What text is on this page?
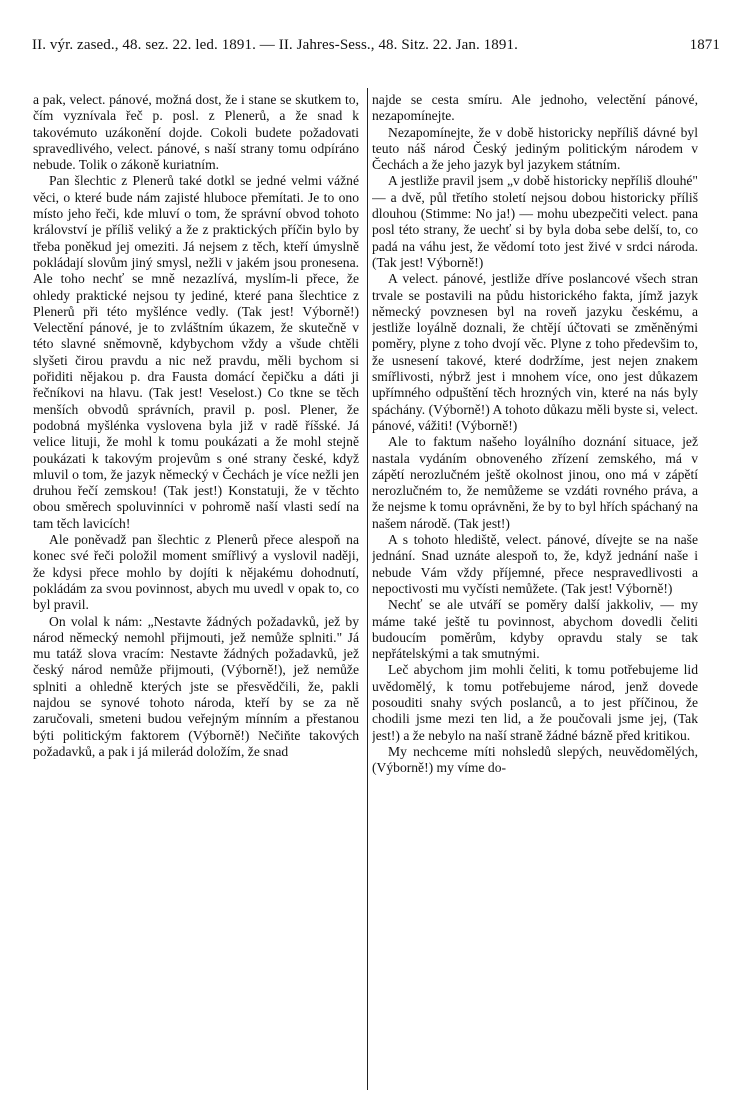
II. výr. zased., 48. sez. 22. led. 1891. — II. Jahres-Sess., 48. Sitz. 22. Jan. 1891.	1871

a pak, velect. pánové, možná dost, že i stane se skutkem to, čím vyznívala řeč p. posl. z Plenerů, a že snad k takovémuto uzákonění dojde. Cokoli budete požadovati spravedlivého, velect. pánové, s naší strany tomu odpíráno nebude. Tolik o zákoně kuriatním.

Pan šlechtic z Plenerů také dotkl se jedné velmi vážné věci, o které bude nám zajisté hluboce přemítati. Je to ono místo jeho řeči, kde mluví o tom, že správní obvod tohoto království je příliš veliký a že z praktických příčin bylo by třeba poněkud jej omeziti. Já nejsem z těch, kteří úmyslně pokládají slovům jiný smysl, nežli v jakém jsou pronesena. Ale toho nechť se mně nezazlívá, myslím-li přece, že ohledy praktické nejsou ty jediné, které pana šlechtice z Plenerů při této myšlénce vedly. (Tak jest! Výborně!) Velectění pánové, je to zvláštním úkazem, že skutečně v této slavné sněmovně, kdybychom vždy a všude chtěli slyšeti čirou pravdu a nic než pravdu, měli bychom si pořiditi nějakou p. dra Fausta domácí čepičku a dáti ji řečníkovi na hlavu. (Tak jest! Veselost.) Co tkne se těch menších obvodů správních, pravil p. posl. Plener, že podobná myšlénka vyslovena byla již v radě říšské. Já velice lituji, že mohl k tomu poukázati a že mohl stejně poukázati k takovým projevům s oné strany české, když mluvil o tom, že jazyk německý v Čechách je více nežli jen druhou řečí zemskou! (Tak jest!) Konstatuji, že v těchto obou směrech spoluvinníci v pohromě naší vlasti sedí na tam těch lavicích!

Ale poněvadž pan šlechtic z Plenerů přece alespoň na konec své řeči položil moment smířlivý a vyslovil naději, že kdysi přece mohlo by dojíti k nějakému dohodnutí, pokládám za svou povinnost, abych mu uvedl v opak to, co byl pravil.

On volal k nám: „Nestavte žádných požadavků, jež by národ německý nemohl přijmouti, jež nemůže splniti." Já mu tatáž slova vracím: Nestavte žádných požadavků, jež český národ nemůže přijmouti, (Výborně!), jež nemůže splniti a ohledně kterých jste se přesvědčili, že, pakli najdou se synové tohoto národa, kteří by se za ně zaručovali, smeteni budou veřejným mínním a přestanou býti politickým faktorem (Výborně!) Nečiňte takových požadavků, a pak i já milerád doložím, že snad

najde se cesta smíru. Ale jednoho, velectění pánové, nezapomínejte.

Nezapomínejte, že v době historicky nepříliš dávné byl teuto náš národ Český jediným politickým národem v Čechách a že jeho jazyk byl jazykem státním.

A jestliže pravil jsem „v době historicky nepříliš dlouhé" — a dvě, půl třetího století nejsou dobou historicky příliš dlouhou (Stimme: No ja!) — mohu ubezpečiti velect. pana posl této strany, že uechť si by byla doba sebe delší, to, co padá na váhu jest, že vědomí toto jest živé v srdci národa. (Tak jest! Výborně!)

A velect. pánové, jestliže dříve poslancové všech stran trvale se postavili na půdu historického fakta, jímž jazyk německý povznesen byl na roveň jazyku českému, a jestliže loyálně doznali, že chtějí účtovati se změněnými poměry, plyne z toho dvojí věc. Plyne z toho předevšim to, že usnesení takové, které dodržíme, jest nejen znakem smířlivosti, nýbrž jest i mnohem více, ono jest důkazem upřímného odpuštění těch hrozných vin, které na nás byly spáchány. (Výborně!) A tohoto důkazu měli byste si, velect. pánové, vážiti! (Výborně!)

Ale to faktum našeho loyálního doznání situace, jež nastala vydáním obnoveného zřízení zemského, má v zápětí nerozlučném ještě okolnost jinou, ono má v zápětí nerozlučném to, že nemůžeme se vzdáti rovného práva, a že nejsme k tomu oprávněni, že by to byl hřích spáchaný na našem národě. (Tak jest!)

A s tohoto hlediště, velect. pánové, dívejte se na naše jednání. Snad uznáte alespoň to, že, když jednání naše i nebude Vám vždy příjemné, přece nespravedlivosti a nepoctivosti mu vyčísti nemůžete. (Tak jest! Výborně!)

Nechť se ale utváří se poměry další jakkoliv, — my máme také ještě tu povinnost, abychom dovedli čeliti budoucím poměrům, kdyby opravdu staly se tak nepřátelskými a tak smutnými.

Leč abychom jim mohli čeliti, k tomu potřebujeme lid uvědomělý, k tomu potřebujeme národ, jenž dovede posouditi snahy svých poslanců, a to jest příčinou, že chodili jsme mezi ten lid, a že poučovali jsme jej, (Tak jest!) a že nebylo na naší straně žádné bázně před kritikou.

My nechceme míti nohsledů slepých, neuvědomělých, (Výborně!) my víme do-
